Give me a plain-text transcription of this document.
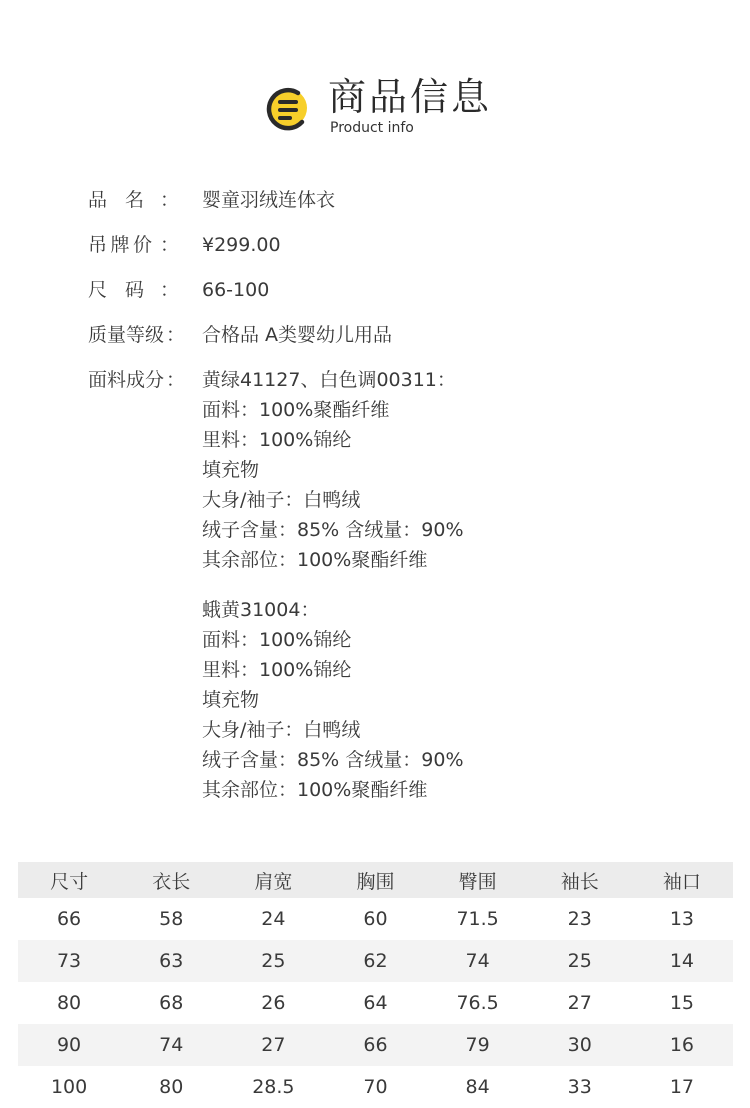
商品信息
Product info
品 名 ： 婴童羽绒连体衣
吊 牌 价 ： ¥299.00
尺 码 ： 66-100
质量等级 ： 合格品 A类婴幼儿用品
面料成分 ： 黄绿41127、白色调00311：
面料：100%聚酯纤维
里料：100%锦纶
填充物
大身/袖子：白鸭绒
绒子含量：85% 含绒量：90%
其余部位：100%聚酯纤维
蛾黄31004：
面料：100%锦纶
里料：100%锦纶
填充物
大身/袖子：白鸭绒
绒子含量：85% 含绒量：90%
其余部位：100%聚酯纤维
尺寸	衣长	肩宽	胸围	臀围	袖长	袖口
66	58	24	60	71.5	23	13
73	63	25	62	74	25	14
80	68	26	64	76.5	27	15
90	74	27	66	79	30	16
100	80	28.5	70	84	33	17
